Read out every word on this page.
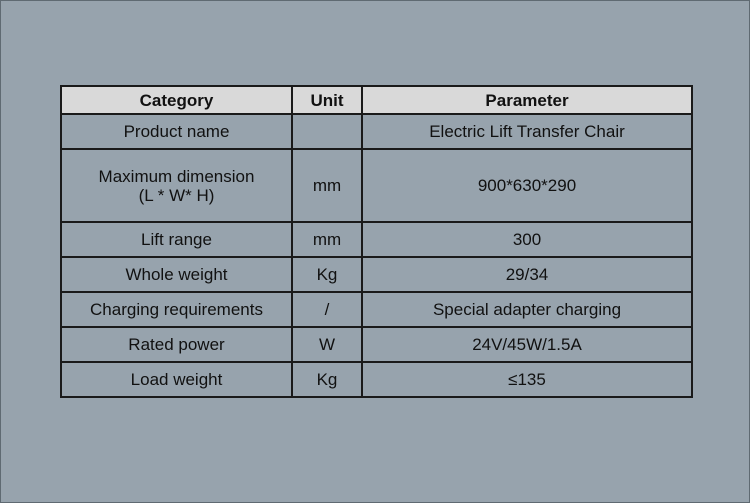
Category	Unit	Parameter
Product name		Electric Lift Transfer Chair

Maximum dimension
(L * W* H)	mm	900*630*290
Lift range	mm	300
Whole weight	Kg	29/34
Charging requirements	/	Special adapter charging
Rated power	W	24V/45W/1.5A
Load weight	Kg	≤135
